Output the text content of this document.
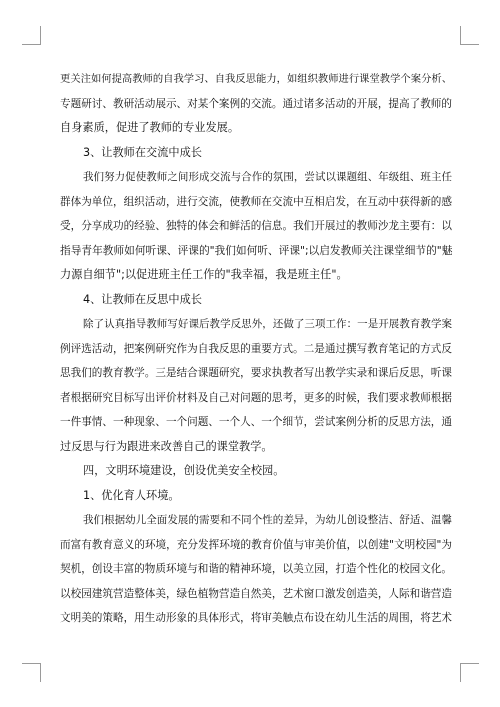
更关注如何提高教师的自我学习、自我反思能力，如组织教师进行课堂教学个案分析、
专题研讨、教研活动展示、对某个案例的交流。通过诸多活动的开展，提高了教师的
自身素质，促进了教师的专业发展。
3、让教师在交流中成长
我们努力促使教师之间形成交流与合作的氛围，尝试以课题组、年级组、班主任
群体为单位，组织活动，进行交流，使教师在交流中互相启发，在互动中获得新的感
受，分享成功的经验、独特的体会和鲜活的信息。我们开展过的教师沙龙主要有：以
指导青年教师如何听课、评课的"我们如何听、评课";以启发教师关注课堂细节的"魅
力源自细节";以促进班主任工作的"我幸福，我是班主任"。
4、让教师在反思中成长
除了认真指导教师写好课后教学反思外，还做了三项工作：一是开展教育教学案
例评选活动，把案例研究作为自我反思的重要方式。二是通过撰写教育笔记的方式反
思我们的教育教学。三是结合课题研究，要求执教者写出教学实录和课后反思，听课
者根据研究目标写出评价材料及自己对问题的思考，更多的时候，我们要求教师根据
一件事情、一种现象、一个问题、一个人、一个细节，尝试案例分析的反思方法，通
过反思与行为跟进来改善自己的课堂教学。
四，文明环境建设，创设优美安全校园。
1、优化育人环境。
我们根据幼儿全面发展的需要和不同个性的差异，为幼儿创设整洁、舒适、温馨
而富有教育意义的环境，充分发挥环境的教育价值与审美价值，以创建"文明校园"为
契机，创设丰富的物质环境与和谐的精神环境，以美立园，打造个性化的校园文化。
以校园建筑营造整体美，绿色植物营造自然美，艺术窗口激发创造美，人际和谐营造
文明美的策略，用生动形象的具体形式，将审美触点布设在幼儿生活的周围，将艺术
